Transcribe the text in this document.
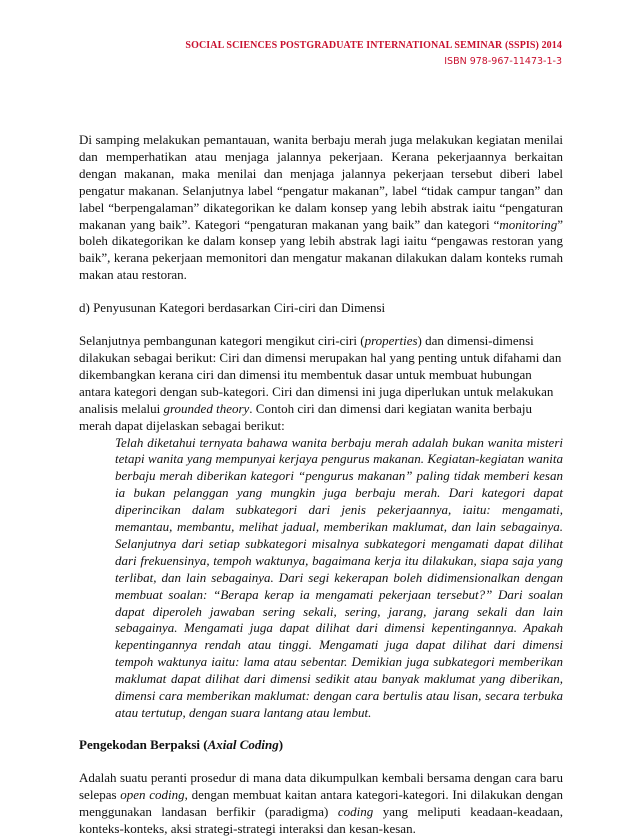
SOCIAL SCIENCES POSTGRADUATE INTERNATIONAL SEMINAR (SSPIS) 2014
ISBN 978-967-11473-1-3

Di samping melakukan pemantauan, wanita berbaju merah juga melakukan kegiatan menilai dan memperhatikan atau menjaga jalannya pekerjaan. Kerana pekerjaannya berkaitan dengan makanan, maka menilai dan menjaga jalannya pekerjaan tersebut diberi label pengatur makanan. Selanjutnya label “pengatur makanan”, label “tidak campur tangan” dan label “berpengalaman” dikategorikan ke dalam konsep yang lebih abstrak iaitu “pengaturan makanan yang baik”. Kategori “pengaturan makanan yang baik” dan kategori “monitoring” boleh dikategorikan ke dalam konsep yang lebih abstrak lagi iaitu “pengawas restoran yang baik”, kerana pekerjaan memonitori dan mengatur makanan dilakukan dalam konteks rumah makan atau restoran.

d) Penyusunan Kategori berdasarkan Ciri-ciri dan Dimensi

Selanjutnya pembangunan kategori mengikut ciri-ciri (properties) dan dimensi-dimensi dilakukan sebagai berikut: Ciri dan dimensi merupakan hal yang penting untuk difahami dan dikembangkan kerana ciri dan dimensi itu membentuk dasar untuk membuat hubungan antara kategori dengan sub-kategori. Ciri dan dimensi ini juga diperlukan untuk melakukan analisis melalui grounded theory. Contoh ciri dan dimensi dari kegiatan wanita berbaju merah dapat dijelaskan sebagai berikut:

Telah diketahui ternyata bahawa wanita berbaju merah adalah bukan wanita misteri tetapi wanita yang mempunyai kerjaya pengurus makanan. Kegiatan-kegiatan wanita berbaju merah diberikan kategori “pengurus makanan” paling tidak memberi kesan ia bukan pelanggan yang mungkin juga berbaju merah. Dari kategori dapat diperincikan dalam subkategori dari jenis pekerjaannya, iaitu: mengamati, memantau, membantu, melihat jadual, memberikan maklumat, dan lain sebagainya. Selanjutnya dari setiap subkategori misalnya subkategori mengamati dapat dilihat dari frekuensinya, tempoh waktunya, bagaimana kerja itu dilakukan, siapa saja yang terlibat, dan lain sebagainya. Dari segi kekerapan boleh didimensionalkan dengan membuat soalan: “Berapa kerap ia mengamati pekerjaan tersebut?” Dari soalan dapat diperoleh jawaban sering sekali, sering, jarang, jarang sekali dan lain sebagainya. Mengamati juga dapat dilihat dari dimensi kepentingannya. Apakah kepentingannya rendah atau tinggi. Mengamati juga dapat dilihat dari dimensi tempoh waktunya iaitu: lama atau sebentar. Demikian juga subkategori memberikan maklumat dapat dilihat dari dimensi sedikit atau banyak maklumat yang diberikan, dimensi cara memberikan maklumat: dengan cara bertulis atau lisan, secara terbuka atau tertutup, dengan suara lantang atau lembut.

Pengekodan Berpaksi (Axial Coding)

Adalah suatu peranti prosedur di mana data dikumpulkan kembali bersama dengan cara baru selepas open coding, dengan membuat kaitan antara kategori-kategori. Ini dilakukan dengan menggunakan landasan berfikir (paradigma) coding yang meliputi keadaan-keadaan, konteks-konteks, aksi strategi-strategi interaksi dan kesan-kesan.
